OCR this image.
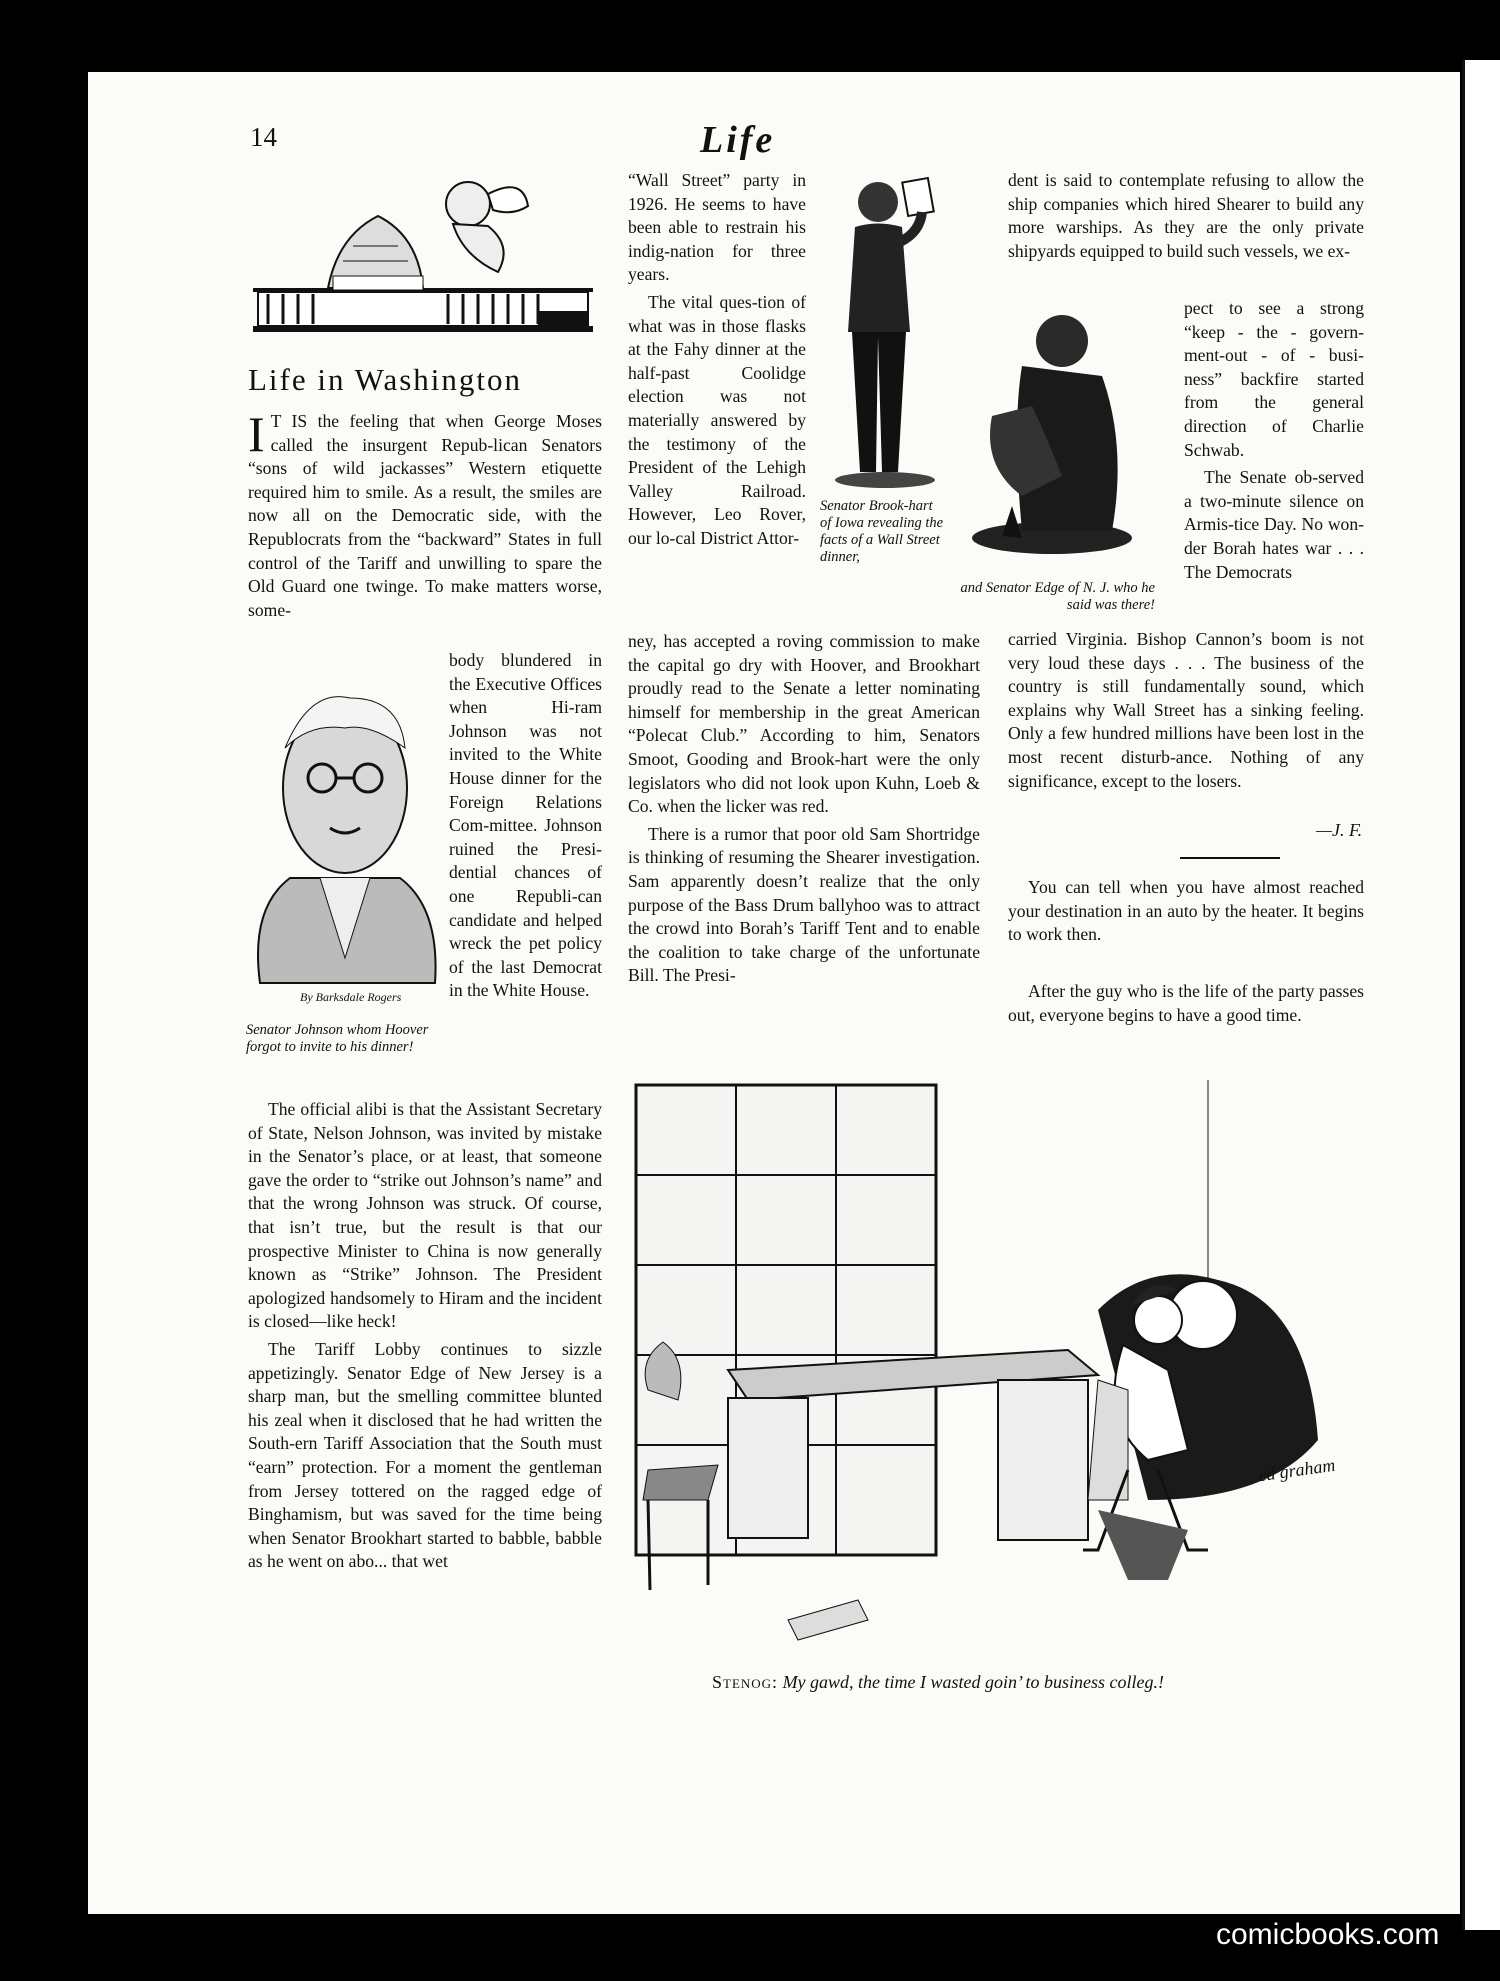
14	Life
Life in Washington
I T IS the feeling that when George Moses called the insurgent Repub-lican Senators “sons of wild jackasses” Western etiquette required him to smile. As a result, the smiles are now all on the Democratic side, with the Republocrats from the “backward” States in full control of the Tariff and unwilling to spare the Old Guard one twinge. To make matters worse, some-
body blundered in the Executive Offices when Hi-ram Johnson was not invited to the White House dinner for the Foreign Relations Com-mittee. Johnson ruined the Presi-dential chances of one Republi-can candidate and helped wreck the pet policy of the last Democrat in the White House.
By Barksdale Rogers
Senator Johnson whom Hoover forgot to invite to his dinner!

The official alibi is that the Assistant Secretary of State, Nelson Johnson, was invited by mistake in the Senator’s place, or at least, that someone gave the order to “strike out Johnson’s name” and that the wrong Johnson was struck. Of course, that isn’t true, but the result is that our prospective Minister to China is now generally known as “Strike” Johnson. The President apologized handsomely to Hiram and the incident is closed—like heck!

The Tariff Lobby continues to sizzle appetizingly. Senator Edge of New Jersey is a sharp man, but the smelling committee blunted his zeal when it disclosed that he had written the South-ern Tariff Association that the South must “earn” protection. For a moment the gentleman from Jersey tottered on the ragged edge of Binghamism, but was saved for the time being when Senator Brookhart started to babble, babble as he went on abo... that wet

“Wall Street” party in 1926. He seems to have been able to restrain his indig-nation for three years.

The vital ques-tion of what was in those flasks at the Fahy dinner at the half-past Coolidge election was not materially answered by the testimony of the President of the Lehigh Valley Railroad. However, Leo Rover, our lo-cal District Attor-

ney, has accepted a roving commission to make the capital go dry with Hoover, and Brookhart proudly read to the Senate a letter nominating himself for membership in the great American “Polecat Club.” According to him, Senators Smoot, Gooding and Brook-hart were the only legislators who did not look upon Kuhn, Loeb & Co. when the licker was red.

There is a rumor that poor old Sam Shortridge is thinking of resuming the Shearer investigation. Sam apparently doesn’t realize that the only purpose of the Bass Drum ballyhoo was to attract the crowd into Borah’s Tariff Tent and to enable the coalition to take charge of the unfortunate Bill. The Presi-

Senator Brook-hart of Iowa revealing the facts of a Wall Street dinner,
and Senator Edge of N. J. who he said was there!
dent is said to contemplate refusing to allow the ship companies which hired Shearer to build any more warships. As they are the only private shipyards equipped to build such vessels, we ex-

pect to see a strong “keep - the - govern-ment-out - of - busi-ness” backfire started from the general direction of Charlie Schwab.

The Senate ob-served a two-minute silence on Armis-tice Day. No won-der Borah hates war . . . The Democrats

carried Virginia. Bishop Cannon’s boom is not very loud these days . . . The business of the country is still fundamentally sound, which explains why Wall Street has a sinking feeling. Only a few hundred millions have been lost in the most recent disturb-ance. Nothing of any significance, except to the losers.

—J. F.

You can tell when you have almost reached your destination in an auto by the heater. It begins to work then.

After the guy who is the life of the party passes out, everyone begins to have a good time.

ed graham
Stenog: My gawd, the time I wasted goin’ to business colleg.!
comicbooks.com
